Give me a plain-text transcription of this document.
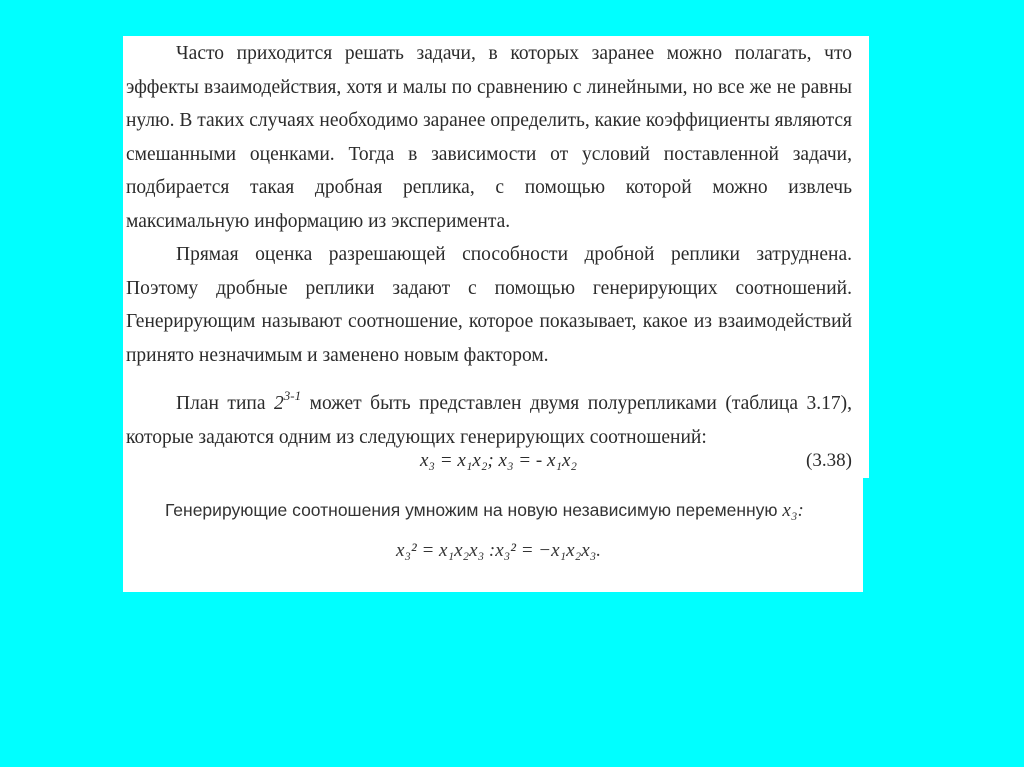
Часто приходится решать задачи, в которых заранее можно полагать, что эффекты взаимодействия, хотя и малы по сравнению с линейными, но все же не равны нулю. В таких случаях необходимо заранее определить, какие коэффициенты являются смешанными оценками. Тогда в зависимости от условий поставленной задачи, подбирается такая дробная реплика, с помощью которой можно извлечь максимальную информацию из эксперимента.

Прямая оценка разрешающей способности дробной реплики затруднена. Поэтому дробные реплики задают с помощью генерирующих соотношений. Генерирующим называют соотношение, которое показывает, какое из взаимодействий принято незначимым и заменено новым фактором.

План типа 2$^{3-1}$ может быть представлен двумя полурепликами (таблица 3.17), которые задаются одним из следующих генерирующих соотношений:

x₃ = x₁x₂; x₃ = - x₁x₂	(3.38)
Генерирующие соотношения умножим на новую независимую переменную x₃:
x₃² = x₁x₂x₃ :x₃² = −x₁x₂x₃.
